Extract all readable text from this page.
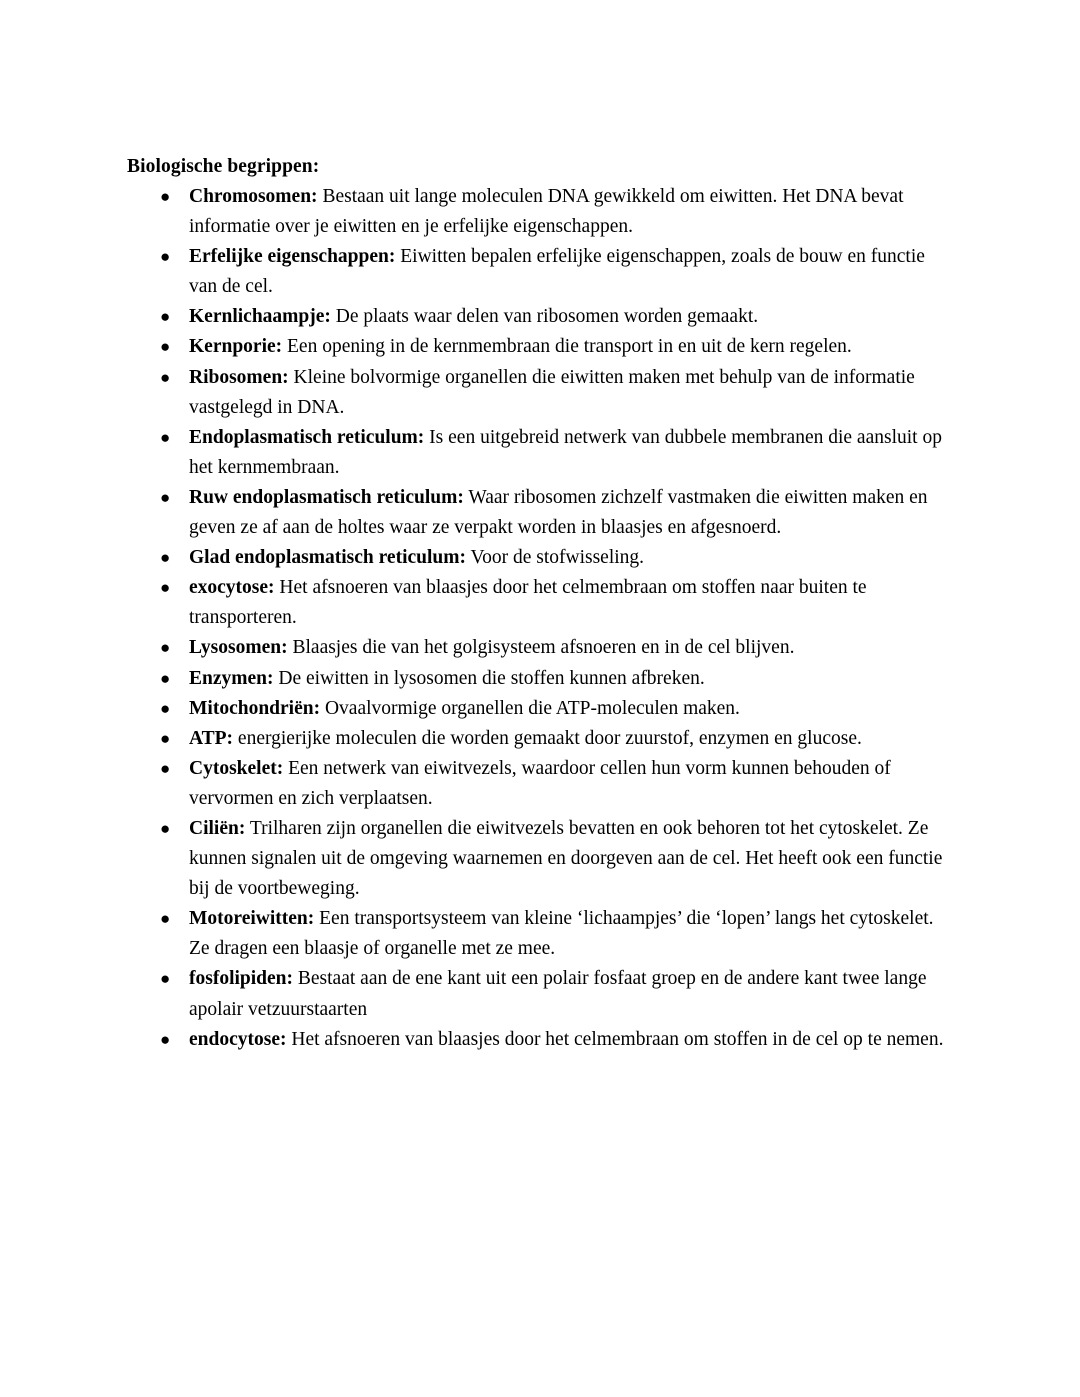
Biologische begrippen:
● Chromosomen: Bestaan uit lange moleculen DNA gewikkeld om eiwitten. Het DNA bevat informatie over je eiwitten en je erfelijke eigenschappen.
● Erfelijke eigenschappen: Eiwitten bepalen erfelijke eigenschappen, zoals de bouw en functie van de cel.
● Kernlichaampje: De plaats waar delen van ribosomen worden gemaakt.
● Kernporie: Een opening in de kernmembraan die transport in en uit de kern regelen.
● Ribosomen: Kleine bolvormige organellen die eiwitten maken met behulp van de informatie vastgelegd in DNA.
● Endoplasmatisch reticulum: Is een uitgebreid netwerk van dubbele membranen die aansluit op het kernmembraan.
● Ruw endoplasmatisch reticulum: Waar ribosomen zichzelf vastmaken die eiwitten maken en geven ze af aan de holtes waar ze verpakt worden in blaasjes en afgesnoerd.
● Glad endoplasmatisch reticulum: Voor de stofwisseling.
● exocytose: Het afsnoeren van blaasjes door het celmembraan om stoffen naar buiten te transporteren.
● Lysosomen: Blaasjes die van het golgisysteem afsnoeren en in de cel blijven.
● Enzymen: De eiwitten in lysosomen die stoffen kunnen afbreken.
● Mitochondriën: Ovaalvormige organellen die ATP-moleculen maken.
● ATP: energierijke moleculen die worden gemaakt door zuurstof, enzymen en glucose.
● Cytoskelet: Een netwerk van eiwitvezels, waardoor cellen hun vorm kunnen behouden of vervormen en zich verplaatsen.
● Ciliën: Trilharen zijn organellen die eiwitvezels bevatten en ook behoren tot het cytoskelet. Ze kunnen signalen uit de omgeving waarnemen en doorgeven aan de cel. Het heeft ook een functie bij de voortbeweging.
● Motoreiwitten: Een transportsysteem van kleine ‘lichaampjes’ die ‘lopen’ langs het cytoskelet. Ze dragen een blaasje of organelle met ze mee.
● fosfolipiden: Bestaat aan de ene kant uit een polair fosfaat groep en de andere kant twee lange apolair vetzuurstaarten
● endocytose: Het afsnoeren van blaasjes door het celmembraan om stoffen in de cel op te nemen.
